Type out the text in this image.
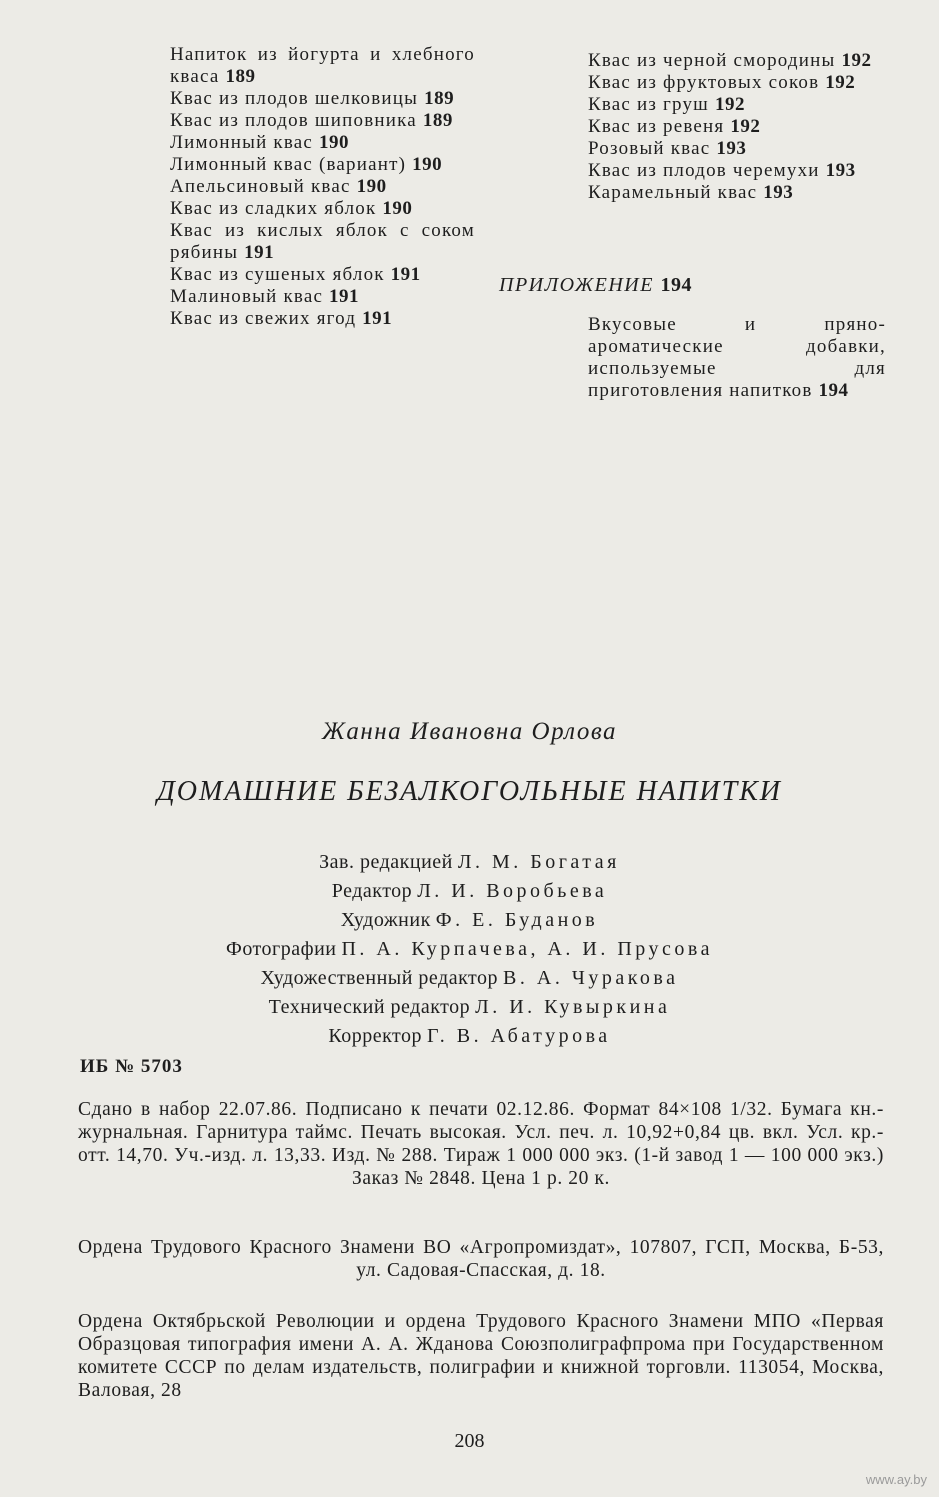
Напиток из йогурта и хлебного кваса 189

Квас из плодов шелковицы 189

Квас из плодов шиповника 189

Лимонный квас 190

Лимонный квас (вариант) 190

Апельсиновый квас 190

Квас из сладких яблок 190

Квас из кислых яблок с соком рябины 191

Квас из сушеных яблок 191

Малиновый квас 191

Квас из свежих ягод 191

Квас из черной смородины 192

Квас из фруктовых соков 192

Квас из груш 192

Квас из ревеня 192

Розовый квас 193

Квас из плодов черемухи 193

Карамельный квас 193

ПРИЛОЖЕНИЕ 194
Вкусовые и пряно-ароматические добавки, используемые для приготовления напитков 194
Жанна Ивановна Орлова
ДОМАШНИЕ БЕЗАЛКОГОЛЬНЫЕ НАПИТКИ

Зав. редакцией Л. М. Богатая

Редактор Л. И. Воробьева

Художник Ф. Е. Буданов

Фотографии П. А. Курпачева, А. И. Прусова

Художественный редактор В. А. Чуракова

Технический редактор Л. И. Кувыркина

Корректор Г. В. Абатурова

ИБ № 5703

Сдано в набор 22.07.86. Подписано к печати 02.12.86. Формат 84×108 1/32. Бумага кн.-журнальная. Гарнитура таймс. Печать высокая. Усл. печ. л. 10,92+0,84 цв. вкл. Усл. кр.-отт. 14,70. Уч.-изд. л. 13,33. Изд. № 288. Тираж 1 000 000 экз. (1-й завод 1 — 100 000 экз.) Заказ № 2848. Цена 1 р. 20 к.

Ордена Трудового Красного Знамени ВО «Агропромиздат», 107807, ГСП, Москва, Б-53, ул. Садовая-Спасская, д. 18.

Ордена Октябрьской Революции и ордена Трудового Красного Знамени МПО «Первая Образцовая типография имени А. А. Жданова Союзполиграфпрома при Государственном комитете СССР по делам издательств, полиграфии и книжной торговли. 113054, Москва, Валовая, 28

208
www.ay.by
